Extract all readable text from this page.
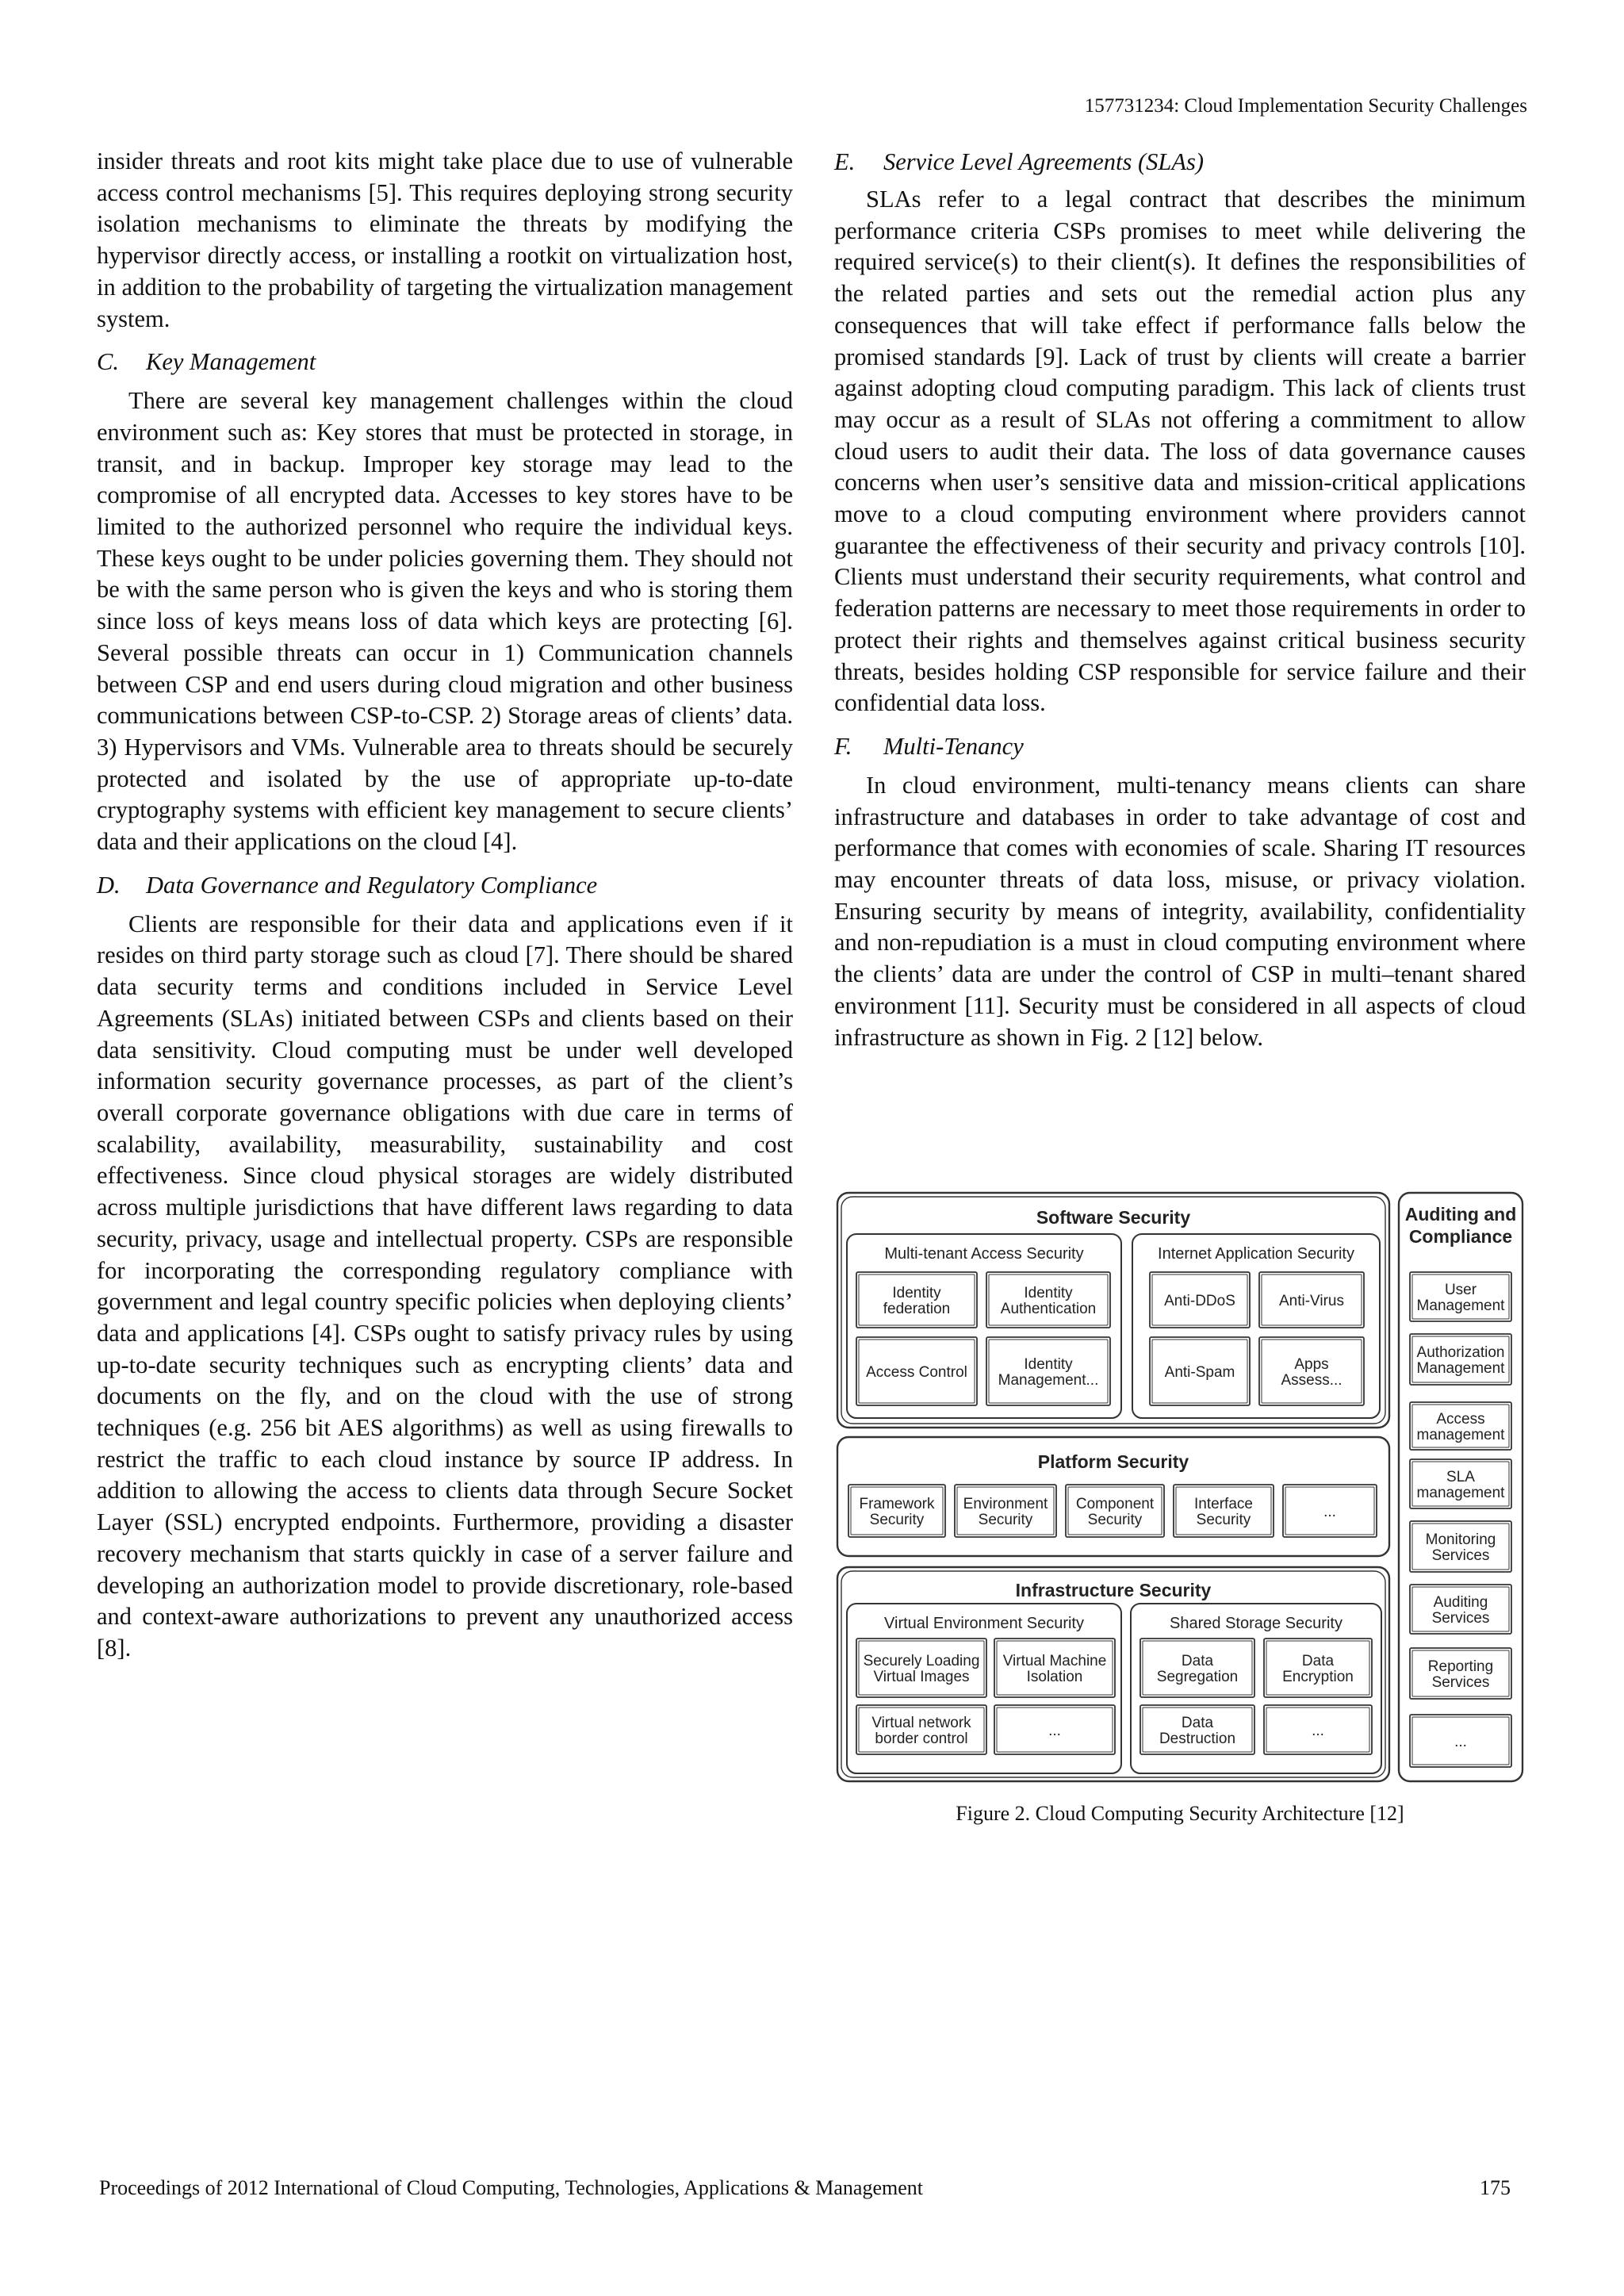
157731234: Cloud Implementation Security Challenges

insider threats and root kits might take place due to use of vulnerable access control mechanisms [5]. This requires deploying strong security isolation mechanisms to eliminate the threats by modifying the hypervisor directly access, or installing a rootkit on virtualization host, in addition to the probability of targeting the virtualization management system.

C. Key Management

There are several key management challenges within the cloud environment such as: Key stores that must be protected in storage, in transit, and in backup. Improper key storage may lead to the compromise of all encrypted data. Accesses to key stores have to be limited to the authorized personnel who require the individual keys. These keys ought to be under policies governing them. They should not be with the same person who is given the keys and who is storing them since loss of keys means loss of data which keys are protecting [6]. Several possible threats can occur in 1) Communication channels between CSP and end users during cloud migration and other business communications between CSP-to-CSP. 2) Storage areas of clients’ data. 3) Hypervisors and VMs. Vulnerable area to threats should be securely protected and isolated by the use of appropriate up-to-date cryptography systems with efficient key management to secure clients’ data and their applications on the cloud [4].

D. Data Governance and Regulatory Compliance

Clients are responsible for their data and applications even if it resides on third party storage such as cloud [7]. There should be shared data security terms and conditions included in Service Level Agreements (SLAs) initiated between CSPs and clients based on their data sensitivity. Cloud computing must be under well developed information security governance processes, as part of the client’s overall corporate governance obligations with due care in terms of scalability, availability, measurability, sustainability and cost effectiveness. Since cloud physical storages are widely distributed across multiple jurisdictions that have different laws regarding to data security, privacy, usage and intellectual property. CSPs are responsible for incorporating the corresponding regulatory compliance with government and legal country specific policies when deploying clients’ data and applications [4]. CSPs ought to satisfy privacy rules by using up-to-date security techniques such as encrypting clients’ data and documents on the fly, and on the cloud with the use of strong techniques (e.g. 256 bit AES algorithms) as well as using firewalls to restrict the traffic to each cloud instance by source IP address. In addition to allowing the access to clients data through Secure Socket Layer (SSL) encrypted endpoints. Furthermore, providing a disaster recovery mechanism that starts quickly in case of a server failure and developing an authorization model to provide discretionary, role-based and context-aware authorizations to prevent any unauthorized access [8].

E. Service Level Agreements (SLAs)

SLAs refer to a legal contract that describes the minimum performance criteria CSPs promises to meet while delivering the required service(s) to their client(s). It defines the responsibilities of the related parties and sets out the remedial action plus any consequences that will take effect if performance falls below the promised standards [9]. Lack of trust by clients will create a barrier against adopting cloud computing paradigm. This lack of clients trust may occur as a result of SLAs not offering a commitment to allow cloud users to audit their data. The loss of data governance causes concerns when user’s sensitive data and mission-critical applications move to a cloud computing environment where providers cannot guarantee the effectiveness of their security and privacy controls [10]. Clients must understand their security requirements, what control and federation patterns are necessary to meet those requirements in order to protect their rights and themselves against critical business security threats, besides holding CSP responsible for service failure and their confidential data loss.

F. Multi-Tenancy

In cloud environment, multi-tenancy means clients can share infrastructure and databases in order to take advantage of cost and performance that comes with economies of scale. Sharing IT resources may encounter threats of data loss, misuse, or privacy violation. Ensuring security by means of integrity, availability, confidentiality and non-repudiation is a must in cloud computing environment where the clients’ data are under the control of CSP in multi–tenant shared environment [11]. Security must be considered in all aspects of cloud infrastructure as shown in Fig. 2 [12] below.

Software Security
Multi-tenant Access Security	Internet Application Security
Identity federation
Identity Authentication
Access Control	Identity Management...
Anti-DDoS	Anti-Virus
Anti-Spam	Apps Assess...
Platform Security
Framework Security
Environment Security
Component Security
Interface Security	...
Infrastructure Security
Virtual Environment Security	Shared Storage Security
Securely Loading Virtual Images
Virtual Machine Isolation
Virtual network border control	...
Data Segregation
Data Encryption
Data Destruction	...
Auditing and Compliance
User Management
Authorization Management
Access management
SLA management
Monitoring Services
Auditing Services
Reporting Services
...
Figure 2. Cloud Computing Security Architecture [12]
Proceedings of 2012 International of Cloud Computing, Technologies, Applications & Management	175
